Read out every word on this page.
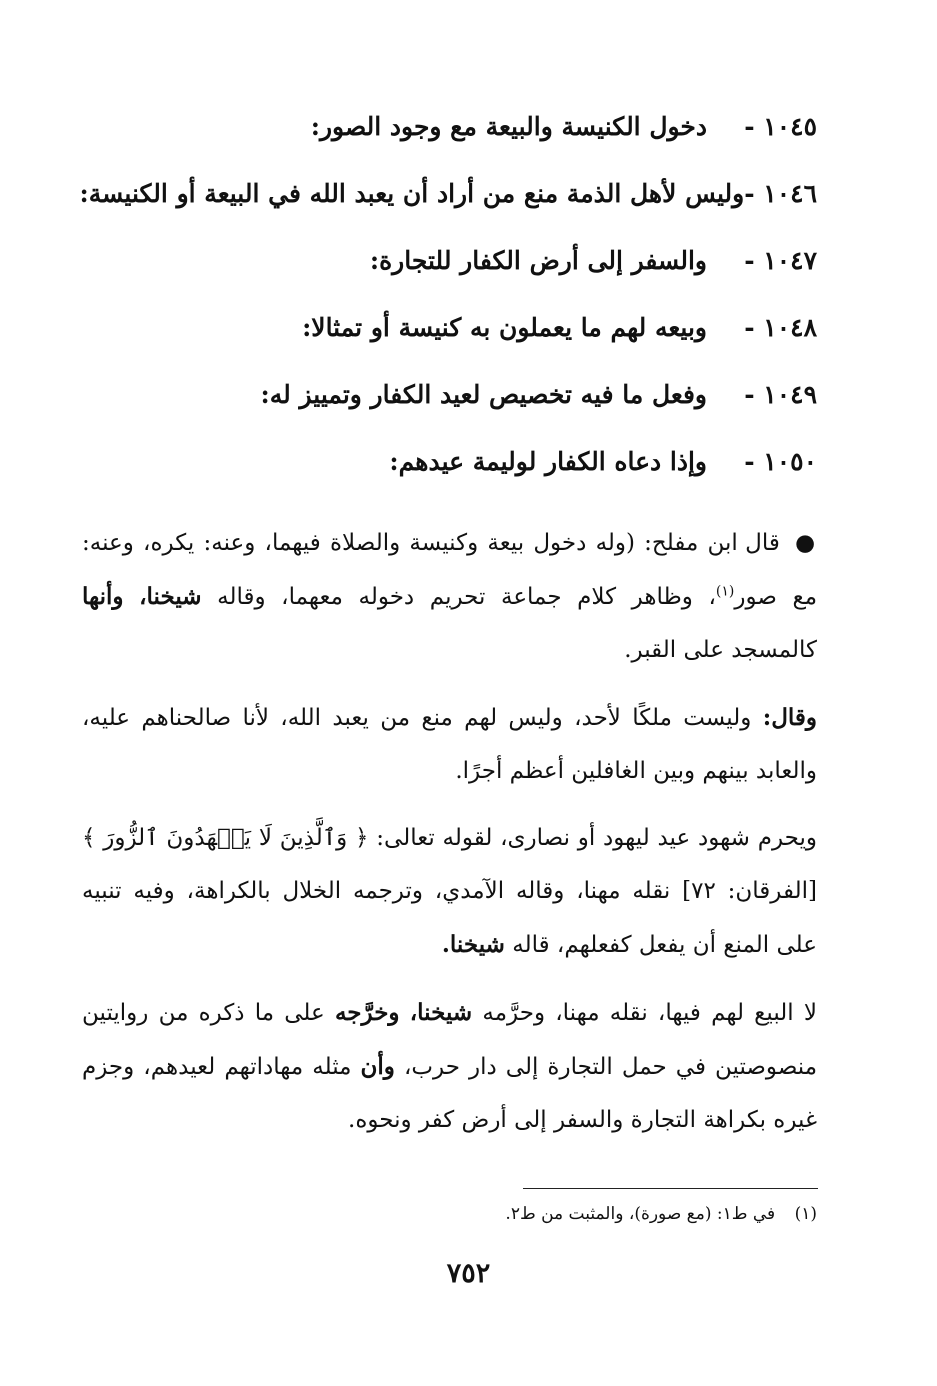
١٠٤٥ -
دخول الكنيسة والبيعة مع وجود الصور:
١٠٤٦ -
وليس لأهل الذمة منع من أراد أن يعبد الله في البيعة أو الكنيسة:
١٠٤٧ -
والسفر إلى أرض الكفار للتجارة:
١٠٤٨ -
وبيعه لهم ما يعملون به كنيسة أو تمثالا:
١٠٤٩ -
وفعل ما فيه تخصيص لعيد الكفار وتمييز له:
١٠٥٠ -
وإذا دعاه الكفار لوليمة عيدهم:

● قال ابن مفلح: (وله دخول بيعة وكنيسة والصلاة فيهما، وعنه: يكره، وعنه: مع صور$^{(١)}$، وظاهر كلام جماعة تحريم دخوله معهما، وقاله شيخنا، وأنها كالمسجد على القبر.

وقال: وليست ملكًا لأحد، وليس لهم منع من يعبد الله، لأنا صالحناهم عليه، والعابد بينهم وبين الغافلين أعظم أجرًا.

ويحرم شهود عيد ليهود أو نصارى، لقوله تعالى: ﴿ وَٱلَّذِينَ لَا يَشۡهَدُونَ ٱلزُّورَ ﴾ [الفرقان: ٧٢] نقله مهنا، وقاله الآمدي، وترجمه الخلال بالكراهة، وفيه تنبيه على المنع أن يفعل كفعلهم، قاله شيخنا.

لا البيع لهم فيها، نقله مهنا، وحرَّمه شيخنا، وخرَّجه على ما ذكره من روايتين منصوصتين في حمل التجارة إلى دار حرب، وأن مثله مهاداتهم لعيدهم، وجزم غيره بكراهة التجارة والسفر إلى أرض كفر ونحوه.

(١) في ط١: (مع صورة)، والمثبت من ط٢.
٧٥٢
